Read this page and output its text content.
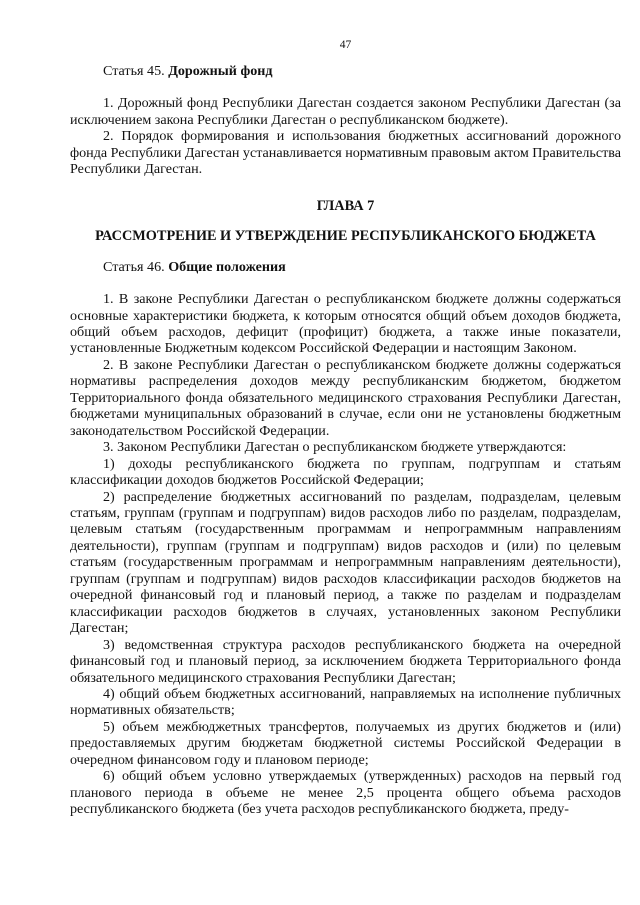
47

Статья 45. Дорожный фонд

1. Дорожный фонд Республики Дагестан создается законом Республики Дагестан (за исключением закона Республики Дагестан о республиканском бюджете).

2. Порядок формирования и использования бюджетных ассигнований дорожного фонда Республики Дагестан устанавливается нормативным правовым актом Правительства Республики Дагестан.

ГЛАВА 7

РАССМОТРЕНИЕ И УТВЕРЖДЕНИЕ РЕСПУБЛИКАНСКОГО БЮДЖЕТА

Статья 46. Общие положения

1. В законе Республики Дагестан о республиканском бюджете должны содержаться основные характеристики бюджета, к которым относятся общий объем доходов бюджета, общий объем расходов, дефицит (профицит) бюджета, а также иные показатели, установленные Бюджетным кодексом Российской Федерации и настоящим Законом.

2. В законе Республики Дагестан о республиканском бюджете должны содержаться нормативы распределения доходов между республиканским бюджетом, бюджетом Территориального фонда обязательного медицинского страхования Республики Дагестан, бюджетами муниципальных образований в случае, если они не установлены бюджетным законодательством Российской Федерации.

3. Законом Республики Дагестан о республиканском бюджете утверждаются:

1) доходы республиканского бюджета по группам, подгруппам и статьям классификации доходов бюджетов Российской Федерации;

2) распределение бюджетных ассигнований по разделам, подразделам, целевым статьям, группам (группам и подгруппам) видов расходов либо по разделам, подразделам, целевым статьям (государственным программам и непрограммным направлениям деятельности), группам (группам и подгруппам) видов расходов и (или) по целевым статьям (государственным программам и непрограммным направлениям деятельности), группам (группам и подгруппам) видов расходов классификации расходов бюджетов на очередной финансовый год и плановый период, а также по разделам и подразделам классификации расходов бюджетов в случаях, установленных законом Республики Дагестан;

3) ведомственная структура расходов республиканского бюджета на очередной финансовый год и плановый период, за исключением бюджета Территориального фонда обязательного медицинского страхования Республики Дагестан;

4) общий объем бюджетных ассигнований, направляемых на исполнение публичных нормативных обязательств;

5) объем межбюджетных трансфертов, получаемых из других бюджетов и (или) предоставляемых другим бюджетам бюджетной системы Российской Федерации в очередном финансовом году и плановом периоде;

6) общий объем условно утверждаемых (утвержденных) расходов на первый год планового периода в объеме не менее 2,5 процента общего объема расходов республиканского бюджета (без учета расходов республиканского бюджета, преду-
